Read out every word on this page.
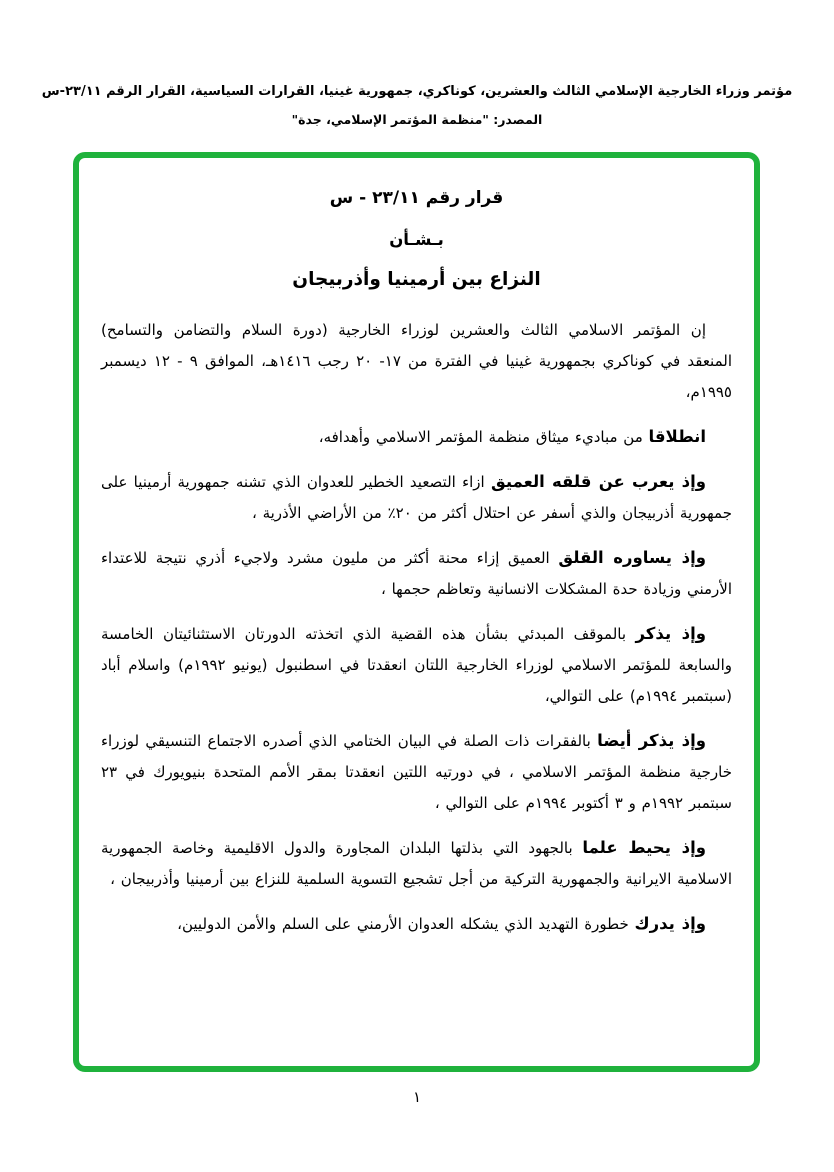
مؤتمر وزراء الخارجية الإسلامي الثالث والعشرين، كوناكري، جمهورية غينيا، القرارات السياسية، القرار الرقم ٢٣/١١-س
المصدر: "منظمة المؤتمر الإسلامي، جدة"
قرار رقم ٢٣/١١ - س
بـشـأن
النزاع بين أرمينيا وأذربيجان

إن المؤتمر الاسلامي الثالث والعشرين لوزراء الخارجية (دورة السلام والتضامن والتسامح) المنعقد في كوناكري بجمهورية غينيا في الفترة من ١٧- ٢٠ رجب ١٤١٦هـ، الموافق ٩ - ١٢ ديسمبر ١٩٩٥م،

انطلاقا من مباديء ميثاق منظمة المؤتمر الاسلامي وأهدافه،

وإذ يعرب عن قلقه العميق ازاء التصعيد الخطير للعدوان الذي تشنه جمهورية أرمينيا على جمهورية أذربيجان والذي أسفر عن احتلال أكثر من ٢٠٪ من الأراضي الأذرية ،

وإذ يساوره القلق العميق إزاء محنة أكثر من مليون مشرد ولاجيء أذري نتيجة للاعتداء الأرمني وزيادة حدة المشكلات الانسانية وتعاظم حجمها ،

وإذ يذكر بالموقف المبدئي بشأن هذه القضية الذي اتخذته الدورتان الاستثنائيتان الخامسة والسابعة للمؤتمر الاسلامي لوزراء الخارجية اللتان انعقدتا في اسطنبول (يونيو ١٩٩٢م) واسلام أباد (سبتمبر ١٩٩٤م) على التوالي،

وإذ يذكر أيضا بالفقرات ذات الصلة في البيان الختامي الذي أصدره الاجتماع التنسيقي لوزراء خارجية منظمة المؤتمر الاسلامي ، في دورتيه اللتين انعقدتا بمقر الأمم المتحدة بنيويورك في ٢٣ سبتمبر ١٩٩٢م و ٣ أكتوبر ١٩٩٤م على التوالي ،

وإذ يحيط علما بالجهود التي بذلتها البلدان المجاورة والدول الاقليمية وخاصة الجمهورية الاسلامية الايرانية والجمهورية التركية من أجل تشجيع التسوية السلمية للنزاع بين أرمينيا وأذربيجان ،

وإذ يدرك خطورة التهديد الذي يشكله العدوان الأرمني على السلم والأمن الدوليين،

١
